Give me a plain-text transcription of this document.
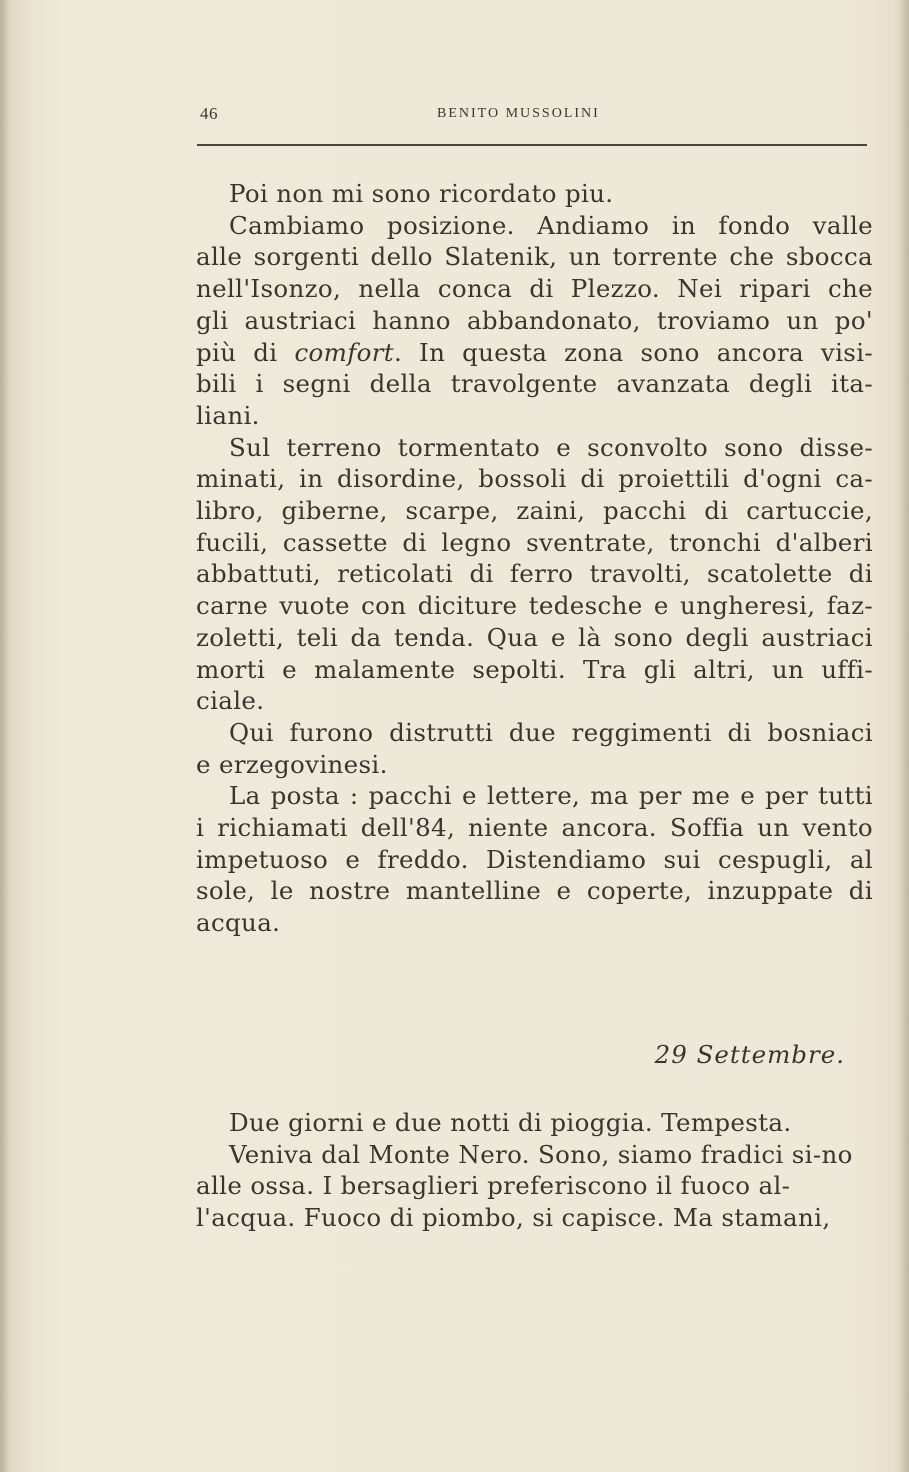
46	BENITO MUSSOLINI

Poi non mi sono ricordato piu.

Cambiamo posizione. Andiamo in fondo valle
alle sorgenti dello Slatenik, un torrente che sbocca
nell'Isonzo, nella conca di Plezzo. Nei ripari che
gli austriaci hanno abbandonato, troviamo un po'
più di comfort. In questa zona sono ancora visi-
bili i segni della travolgente avanzata degli ita-
liani.

Sul terreno tormentato e sconvolto sono disse-
minati, in disordine, bossoli di proiettili d'ogni ca-
libro, giberne, scarpe, zaini, pacchi di cartuccie,
fucili, cassette di legno sventrate, tronchi d'alberi
abbattuti, reticolati di ferro travolti, scatolette di
carne vuote con diciture tedesche e ungheresi, faz-
zoletti, teli da tenda. Qua e là sono degli austriaci
morti e malamente sepolti. Tra gli altri, un uffi-
ciale.

Qui furono distrutti due reggimenti di bosniaci
e erzegovinesi.

La posta : pacchi e lettere, ma per me e per tutti
i richiamati dell'84, niente ancora. Soffia un vento
impetuoso e freddo. Distendiamo sui cespugli, al
sole, le nostre mantelline e coperte, inzuppate di
acqua.

29 Settembre.

Due giorni e due notti di pioggia. Tempesta.

Veniva dal Monte Nero. Sono, siamo fradici si-no alle ossa. I bersaglieri preferiscono il fuoco al-l'acqua. Fuoco di piombo, si capisce. Ma stamani,
